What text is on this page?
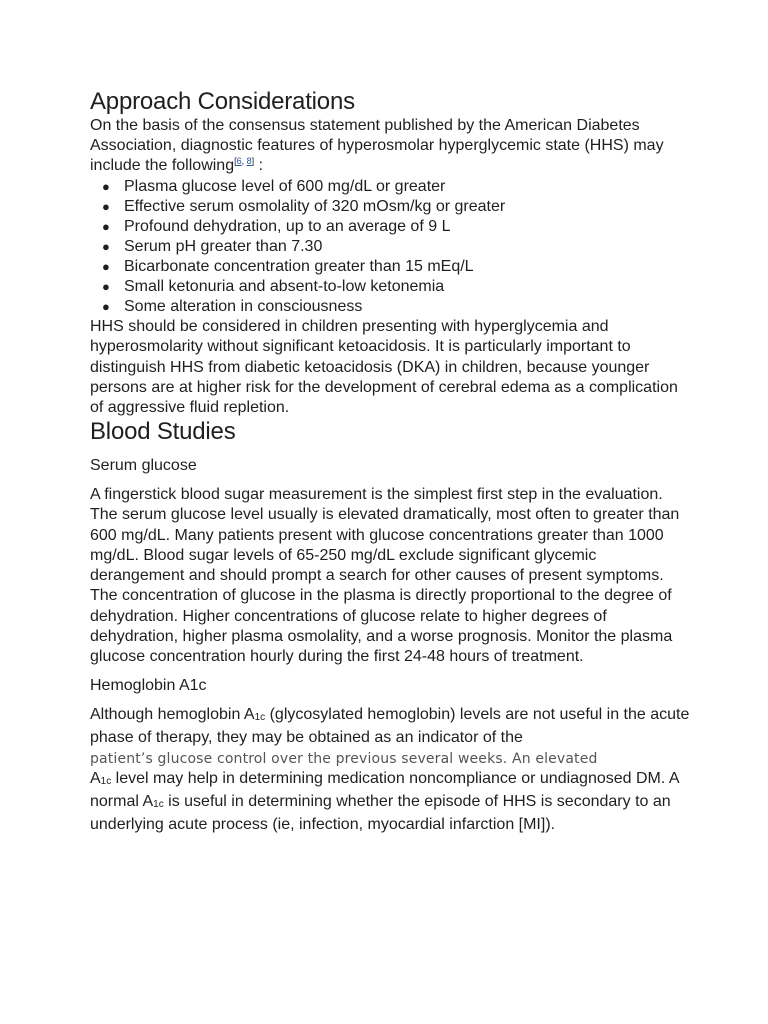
Approach Considerations

On the basis of the consensus statement published by the American Diabetes Association, diagnostic features of hyperosmolar hyperglycemic state (HHS) may include the following[6, 8] :

● Plasma glucose level of 600 mg/dL or greater
● Effective serum osmolality of 320 mOsm/kg or greater
● Profound dehydration, up to an average of 9 L
● Serum pH greater than 7.30
● Bicarbonate concentration greater than 15 mEq/L
● Small ketonuria and absent-to-low ketonemia
● Some alteration in consciousness

HHS should be considered in children presenting with hyperglycemia and hyperosmolarity without significant ketoacidosis. It is particularly important to distinguish HHS from diabetic ketoacidosis (DKA) in children, because younger persons are at higher risk for the development of cerebral edema as a complication of aggressive fluid repletion.

Blood Studies

Serum glucose

A fingerstick blood sugar measurement is the simplest first step in the evaluation. The serum glucose level usually is elevated dramatically, most often to greater than 600 mg/dL. Many patients present with glucose concentrations greater than 1000 mg/dL. Blood sugar levels of 65-250 mg/dL exclude significant glycemic derangement and should prompt a search for other causes of present symptoms.

The concentration of glucose in the plasma is directly proportional to the degree of dehydration. Higher concentrations of glucose relate to higher degrees of dehydration, higher plasma osmolality, and a worse prognosis. Monitor the plasma glucose concentration hourly during the first 24-48 hours of treatment.

Hemoglobin A1c

Although hemoglobin A1c (glycosylated hemoglobin) levels are not useful in the acute phase of therapy, they may be obtained as an indicator of the
patient’s glucose control over the previous several weeks. An elevated
A1c level may help in determining medication noncompliance or undiagnosed DM. A normal A1c is useful in determining whether the episode of HHS is secondary to an underlying acute process (ie, infection, myocardial infarction [MI]).
